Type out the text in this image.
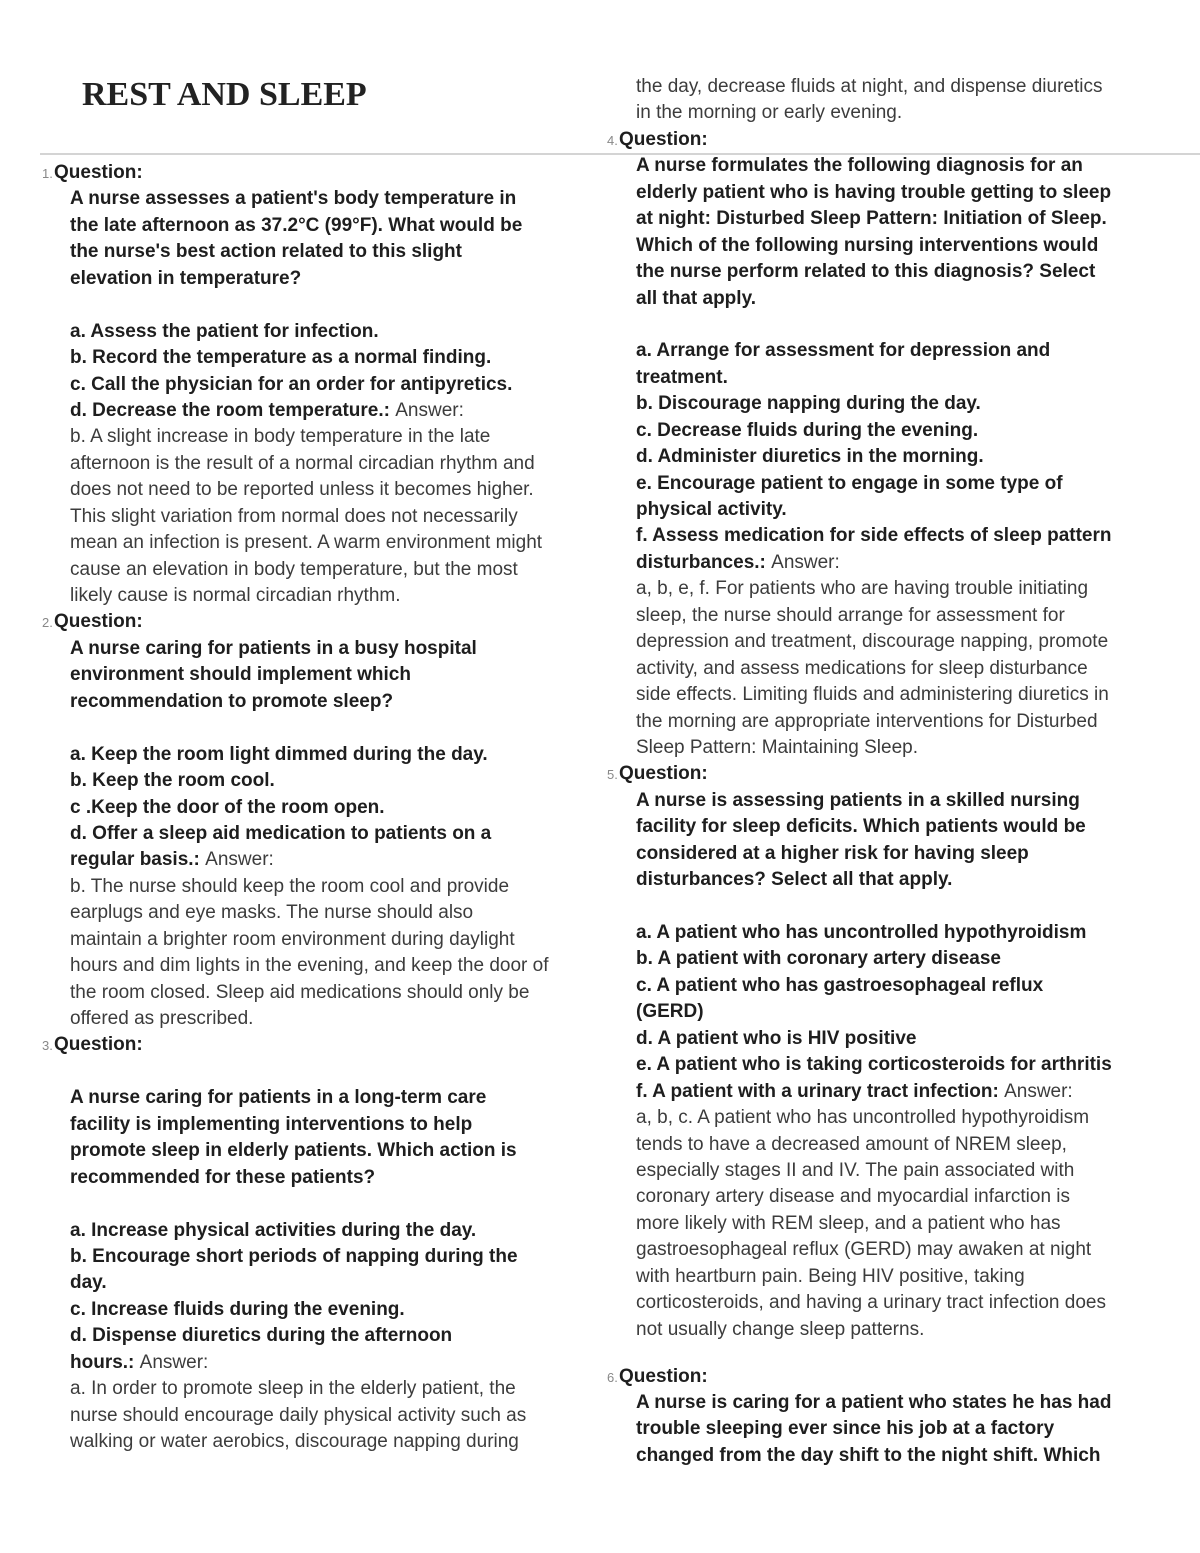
REST AND SLEEP
1.Question:
A nurse assesses a patient's body temperature in
the late afternoon as 37.2°C (99°F). What would be
the nurse's best action related to this slight
elevation in temperature?
a. Assess the patient for infection.
b. Record the temperature as a normal finding.
c. Call the physician for an order for antipyretics.
d. Decrease the room temperature.: Answer:
b. A slight increase in body temperature in the late
afternoon is the result of a normal circadian rhythm and
does not need to be reported unless it becomes higher.
This slight variation from normal does not necessarily
mean an infection is present. A warm environment might
cause an elevation in body temperature, but the most
likely cause is normal circadian rhythm.
2.Question:
A nurse caring for patients in a busy hospital
environment should implement which
recommendation to promote sleep?
a. Keep the room light dimmed during the day.
b. Keep the room cool.
c .Keep the door of the room open.
d. Offer a sleep aid medication to patients on a
regular basis.: Answer:
b. The nurse should keep the room cool and provide
earplugs and eye masks. The nurse should also
maintain a brighter room environment during daylight
hours and dim lights in the evening, and keep the door of
the room closed. Sleep aid medications should only be
offered as prescribed.
3.Question:
A nurse caring for patients in a long-term care
facility is implementing interventions to help
promote sleep in elderly patients. Which action is
recommended for these patients?
a. Increase physical activities during the day.
b. Encourage short periods of napping during the
day.
c. Increase fluids during the evening.
d. Dispense diuretics during the afternoon
hours.: Answer:
a. In order to promote sleep in the elderly patient, the
nurse should encourage daily physical activity such as
walking or water aerobics, discourage napping during
the day, decrease fluids at night, and dispense diuretics
in the morning or early evening.
4.Question:
A nurse formulates the following diagnosis for an
elderly patient who is having trouble getting to sleep
at night: Disturbed Sleep Pattern: Initiation of Sleep.
Which of the following nursing interventions would
the nurse perform related to this diagnosis? Select
all that apply.
a. Arrange for assessment for depression and
treatment.
b. Discourage napping during the day.
c. Decrease fluids during the evening.
d. Administer diuretics in the morning.
e. Encourage patient to engage in some type of
physical activity.
f. Assess medication for side effects of sleep pattern
disturbances.: Answer:
a, b, e, f. For patients who are having trouble initiating
sleep, the nurse should arrange for assessment for
depression and treatment, discourage napping, promote
activity, and assess medications for sleep disturbance
side effects. Limiting fluids and administering diuretics in
the morning are appropriate interventions for Disturbed
Sleep Pattern: Maintaining Sleep.
5.Question:
A nurse is assessing patients in a skilled nursing
facility for sleep deficits. Which patients would be
considered at a higher risk for having sleep
disturbances? Select all that apply.
a. A patient who has uncontrolled hypothyroidism
b. A patient with coronary artery disease
c. A patient who has gastroesophageal reflux
(GERD)
d. A patient who is HIV positive
e. A patient who is taking corticosteroids for arthritis
f. A patient with a urinary tract infection: Answer:
a, b, c. A patient who has uncontrolled hypothyroidism
tends to have a decreased amount of NREM sleep,
especially stages II and IV. The pain associated with
coronary artery disease and myocardial infarction is
more likely with REM sleep, and a patient who has
gastroesophageal reflux (GERD) may awaken at night
with heartburn pain. Being HIV positive, taking
corticosteroids, and having a urinary tract infection does
not usually change sleep patterns.
6.Question:
A nurse is caring for a patient who states he has had
trouble sleeping ever since his job at a factory
changed from the day shift to the night shift. Which
